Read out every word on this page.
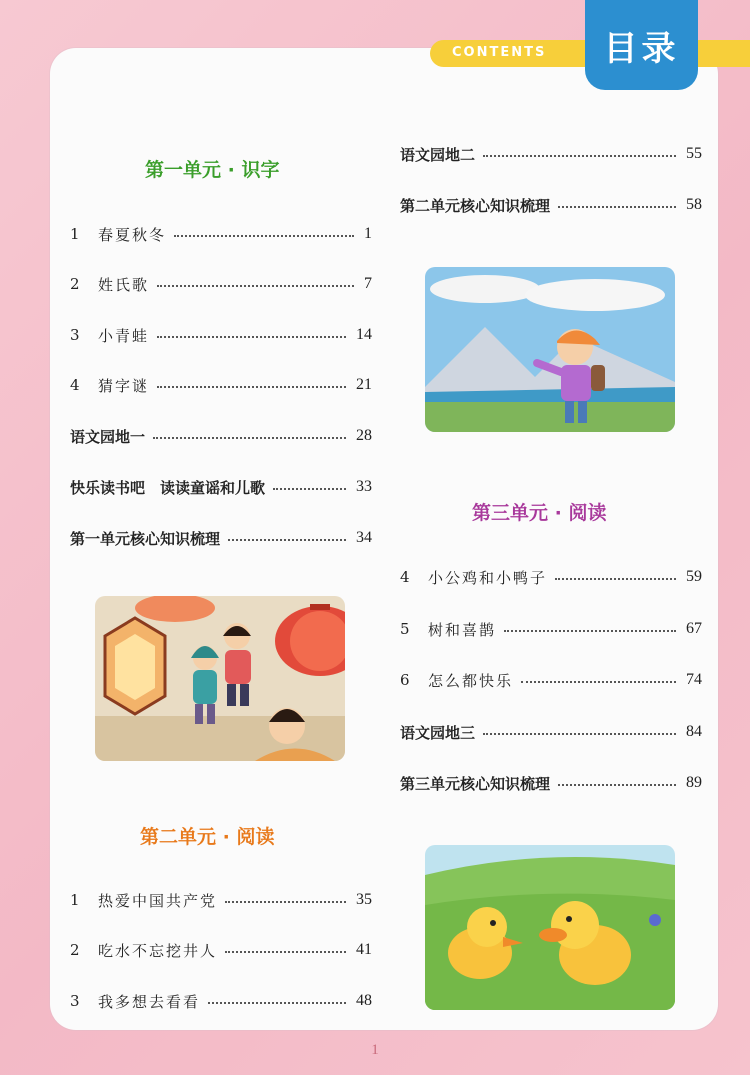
CONTENTS 目录
第一单元 · 识字
1	春夏秋冬	1
2	姓氏歌	7
3	小青蛙	14
4	猜字谜	21
语文园地一	28
快乐读书吧　读读童谣和儿歌	33
第一单元核心知识梳理	34
第二单元 · 阅读
1	热爱中国共产党	35
2	吃水不忘挖井人	41
3	我多想去看看	48
语文园地二	55
第二单元核心知识梳理	58
第三单元 · 阅读
4	小公鸡和小鸭子	59
5	树和喜鹊	67
6	怎么都快乐	74
语文园地三	84
第三单元核心知识梳理	89
1
